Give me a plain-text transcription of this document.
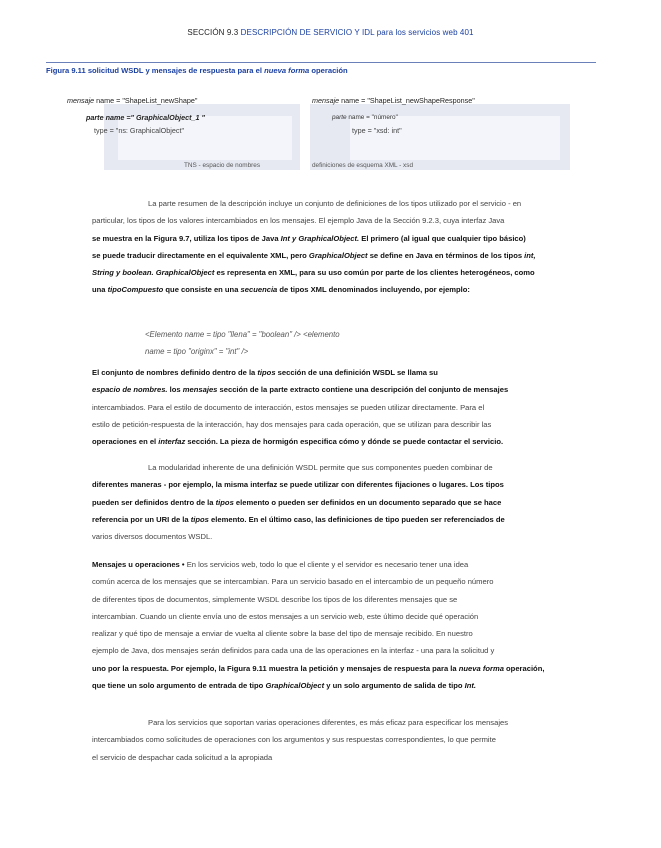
SECCIÓN 9.3 DESCRIPCIÓN DE SERVICIO Y IDL para los servicios web 401
Figura 9.11 solicitud WSDL y mensajes de respuesta para el nueva forma operación
mensaje name = "ShapeList_newShape"
parte name =" GraphicalObject_1 "
type = "ns: GraphicalObject"
TNS - espacio de nombres
mensaje name = "ShapeList_newShapeResponse"
parte name = "número"
type = "xsd: int"
definiciones de esquema XML - xsd
La parte resumen de la descripción incluye un conjunto de definiciones de los tipos utilizado por el servicio - en
particular, los tipos de los valores intercambiados en los mensajes. El ejemplo Java de la Sección 9.2.3, cuya interfaz Java
se muestra en la Figura 9.7, utiliza los tipos de Java Int y GraphicalObject. El primero (al igual que cualquier tipo básico)
se puede traducir directamente en el equivalente XML, pero GraphicalObject se define en Java en términos de los tipos int,
String y boolean. GraphicalObject es representa en XML, para su uso común por parte de los clientes heterogéneos, como
una tipoCompuesto que consiste en una secuencia de tipos XML denominados incluyendo, por ejemplo:
<Elemento name = tipo "llena" = "boolean" /> <elemento
name = tipo "originx" = "int" />
El conjunto de nombres definido dentro de la tipos sección de una definición WSDL se llama su
espacio de nombres. los mensajes sección de la parte extracto contiene una descripción del conjunto de mensajes
intercambiados. Para el estilo de documento de interacción, estos mensajes se pueden utilizar directamente. Para el
estilo de petición-respuesta de la interacción, hay dos mensajes para cada operación, que se utilizan para describir las
operaciones en el interfaz sección. La pieza de hormigón especifica cómo y dónde se puede contactar el servicio.
La modularidad inherente de una definición WSDL permite que sus componentes pueden combinar de
diferentes maneras - por ejemplo, la misma interfaz se puede utilizar con diferentes fijaciones o lugares. Los tipos
pueden ser definidos dentro de la tipos elemento o pueden ser definidos en un documento separado que se hace
referencia por un URI de la tipos elemento. En el último caso, las definiciones de tipo pueden ser referenciados de
varios diversos documentos WSDL.
Mensajes u operaciones • En los servicios web, todo lo que el cliente y el servidor es necesario tener una idea
común acerca de los mensajes que se intercambian. Para un servicio basado en el intercambio de un pequeño número
de diferentes tipos de documentos, simplemente WSDL describe los tipos de los diferentes mensajes que se
intercambian. Cuando un cliente envía uno de estos mensajes a un servicio web, este último decide qué operación
realizar y qué tipo de mensaje a enviar de vuelta al cliente sobre la base del tipo de mensaje recibido. En nuestro
ejemplo de Java, dos mensajes serán definidos para cada una de las operaciones en la interfaz - una para la solicitud y
uno por la respuesta. Por ejemplo, la Figura 9.11 muestra la petición y mensajes de respuesta para la nueva forma operación,
que tiene un solo argumento de entrada de tipo GraphicalObject y un solo argumento de salida de tipo Int.
Para los servicios que soportan varias operaciones diferentes, es más eficaz para especificar los mensajes
intercambiados como solicitudes de operaciones con los argumentos y sus respuestas correspondientes, lo que permite
el servicio de despachar cada solicitud a la apropiada
